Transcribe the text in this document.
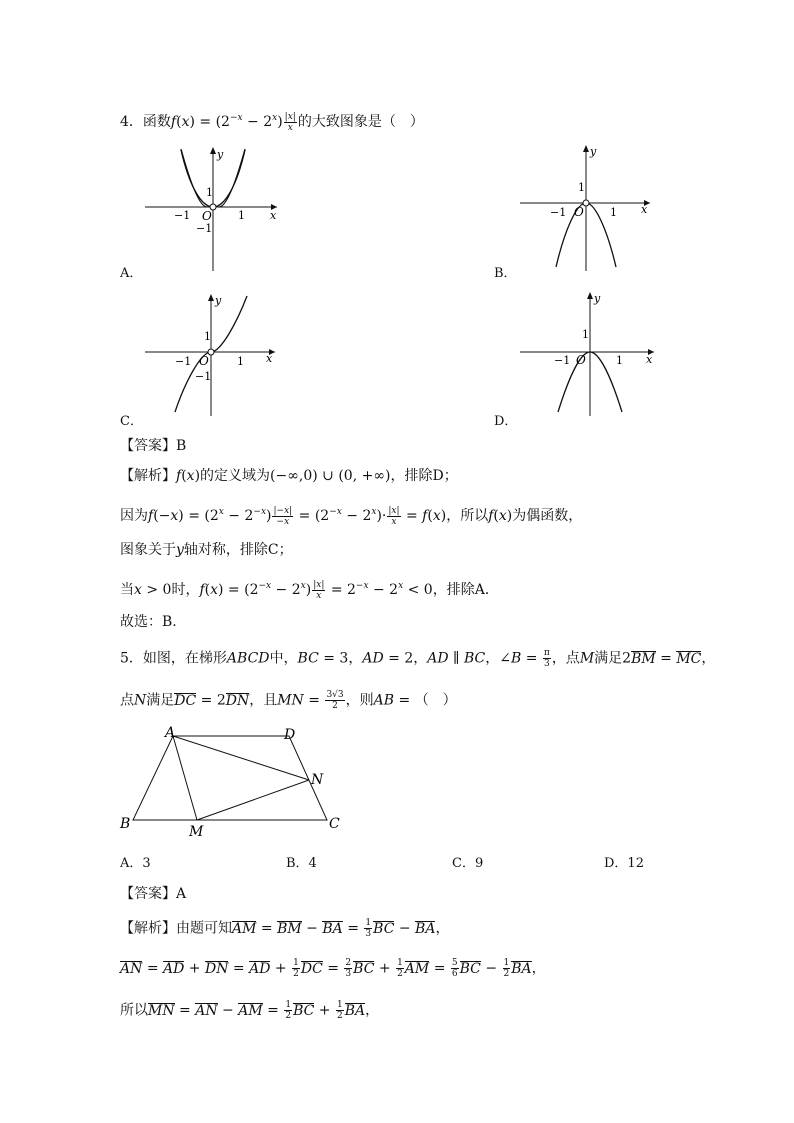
4．函数$f(x) = (2^{-x} - 2^x) \frac{|x|}{x}$ 的大致图象是（　）
y
x
O
1
−1	1
−1
A．
y
x
O
1
−1	1
B．
y
x
O
1
−1	1
−1
C．
y
x
O
1
−1	1
D．
【答案】B
【解析】f(x)的定义域为(−∞,0) ∪ (0, +∞)，排除D；
因为$f(-x) = (2^x - 2^{-x}) \frac{|-x|}{-x} = (2^{-x} - 2^x)\cdot \frac{|x|}{x} = f(x)$，所以f(x)为偶函数，
图象关于y轴对称，排除C；
当x > 0时，$f(x) = (2^{-x} - 2^x) \frac{|x|}{x} = 2^{-x} - 2^x < 0$，排除A．
故选：B.
5．如图，在梯形ABCD中，BC = 3，AD = 2，AD ∥ BC，∠B = $\frac{\pi}{3}$ ，点M满足2BM = MC，
点N满足DC = 2DN，且MN = $\frac{3√3}{2}$ ，则AB = （　）
A	D
N
B	M	C
A．3	B．4	C．9	D．12
【答案】A
【解析】由题可知AM = BM − BA = $\frac{1}{3}$ BC − BA，
AN = AD + DN = AD + $\frac{1}{2}$ DC = $\frac{2}{3}$ BC + $\frac{1}{2}$ AM = $\frac{5}{6}$ BC − $\frac{1}{2}$ BA，
所以MN = AN − AM = $\frac{1}{2}$ BC + $\frac{1}{2}$ BA，
